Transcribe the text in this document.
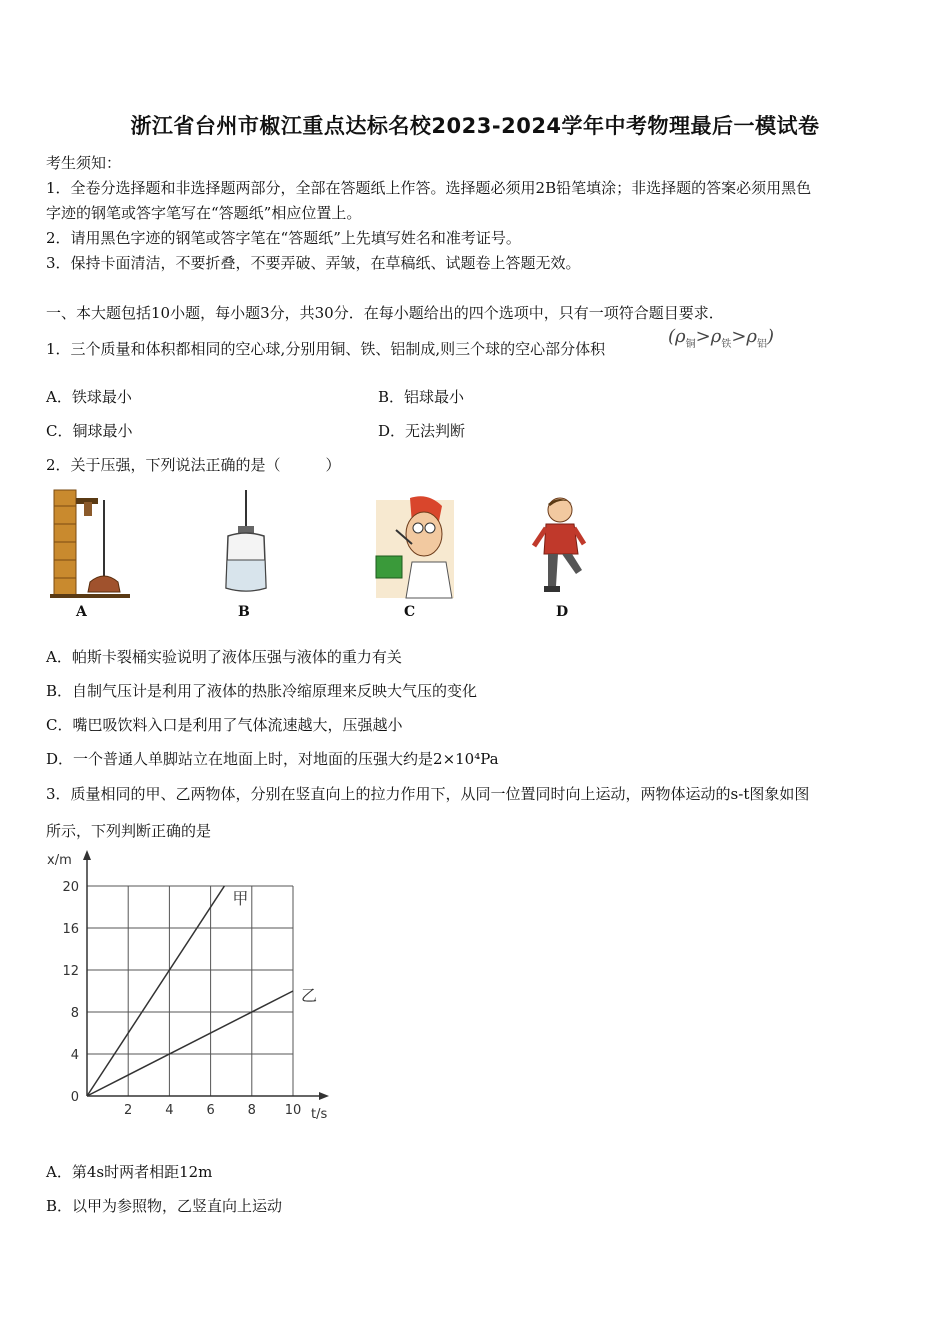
浙江省台州市椒江重点达标名校2023-2024学年中考物理最后一模试卷
考生须知：
1．全卷分选择题和非选择题两部分，全部在答题纸上作答。选择题必须用2B铅笔填涂；非选择题的答案必须用黑色
字迹的钢笔或答字笔写在“答题纸”相应位置上。
2．请用黑色字迹的钢笔或答字笔在“答题纸”上先填写姓名和准考证号。
3．保持卡面清洁，不要折叠，不要弄破、弄皱，在草稿纸、试题卷上答题无效。
一、本大题包括10小题，每小题3分，共30分．在每小题给出的四个选项中，只有一项符合题目要求．
1．三个质量和体积都相同的空心球,分别用铜、铁、铝制成,则三个球的空心部分体积
$(\rho_铜>\rho_铁>\rho_铝)$
A．铁球最小	B．铝球最小
C．铜球最小	D．无法判断
2．关于压强，下列说法正确的是（　　　）
A	B	C	D
A．帕斯卡裂桶实验说明了液体压强与液体的重力有关
B．自制气压计是利用了液体的热胀冷缩原理来反映大气压的变化
C．嘴巴吸饮料入口是利用了气体流速越大，压强越小
D．一个普通人单脚站立在地面上时，对地面的压强大约是2×10⁴Pa
3．质量相同的甲、乙两物体，分别在竖直向上的拉力作用下，从同一位置同时向上运动，两物体运动的s-t图象如图
所示，下列判断正确的是
2	4	6	8 10
0
4
8
12
16
20
甲
乙
t/s
x/m
A．第4s时两者相距12m
B．以甲为参照物，乙竖直向上运动
